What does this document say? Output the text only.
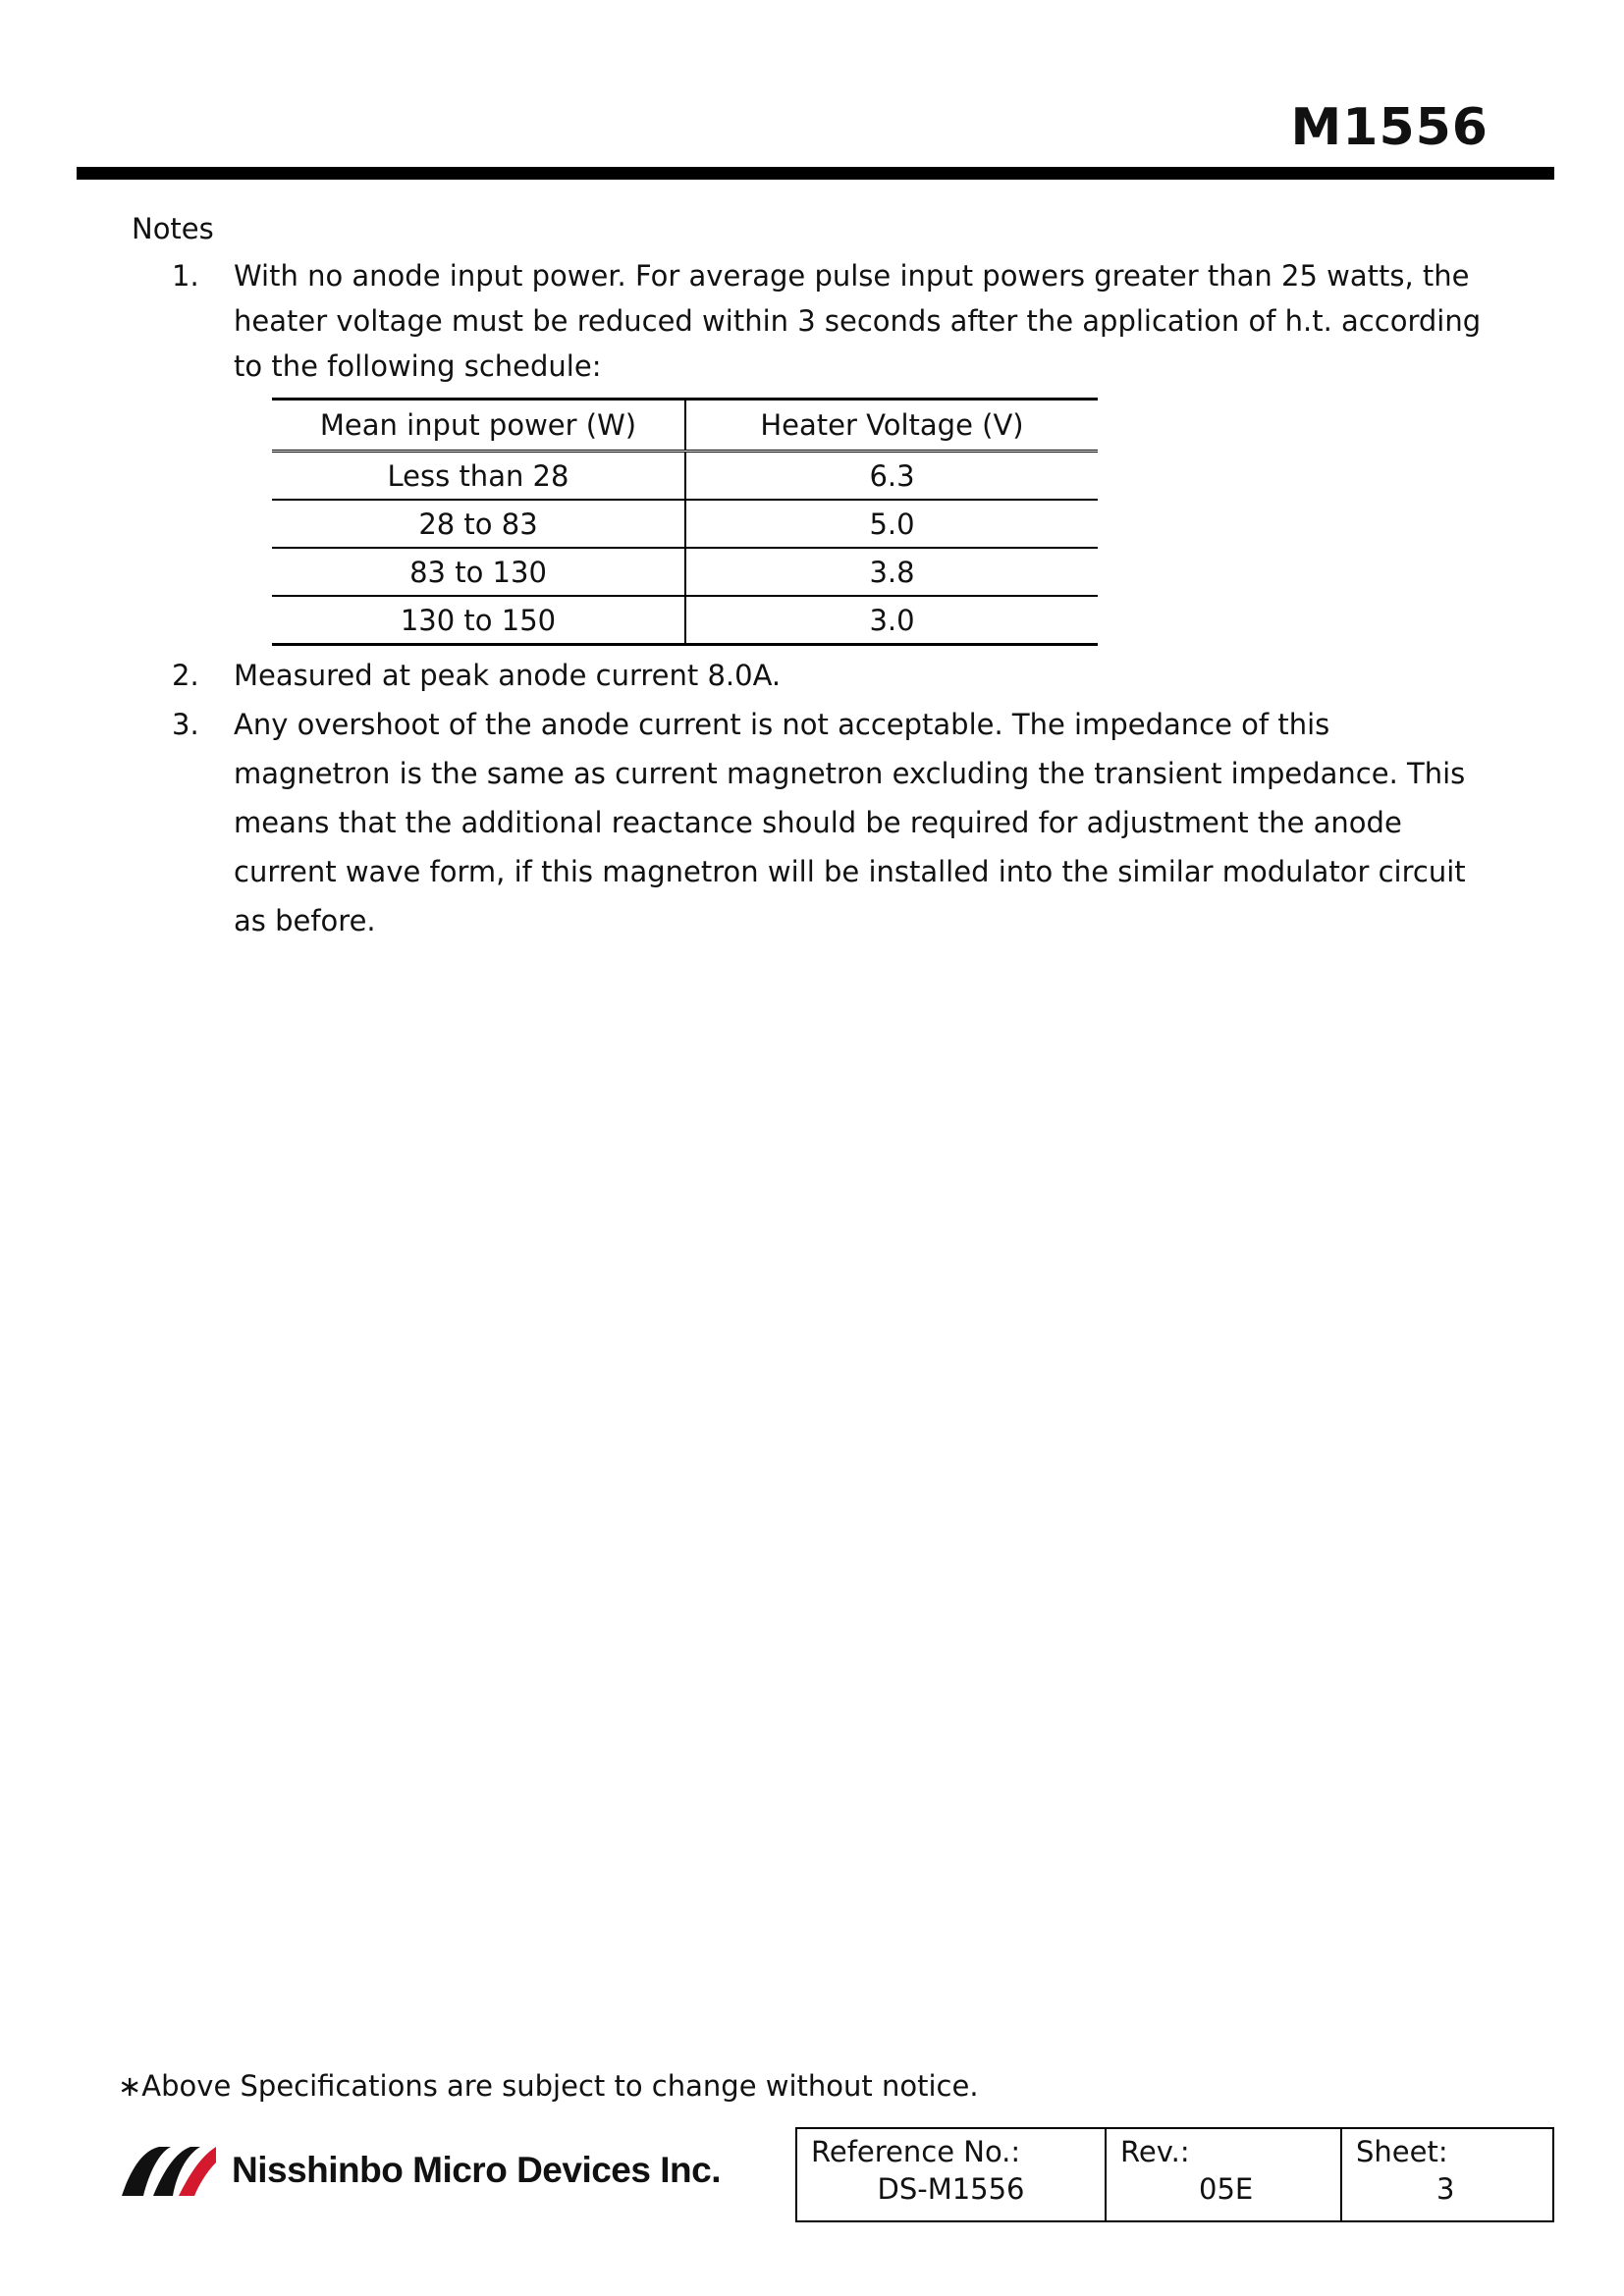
M1556
Notes
1.	With no anode input power. For average pulse input powers greater than 25 watts, the heater voltage must be reduced within 3 seconds after the application of h.t. according to the following schedule:
Mean input power (W)	Heater Voltage (V)
Less than 28	6.3
28 to 83	5.0
83 to 130	3.8
130 to 150	3.0
2.	Measured at peak anode current 8.0A.
3.	Any overshoot of the anode current is not acceptable. The impedance of this magnetron is the same as current magnetron excluding the transient impedance. This means that the additional reactance should be required for adjustment the anode current wave form, if this magnetron will be installed into the similar modulator circuit as before.
∗Above Specifications are subject to change without notice.
Nisshinbo Micro Devices Inc.	Reference No.:
DS-M1556

Rev.:
05E

Sheet:
3
